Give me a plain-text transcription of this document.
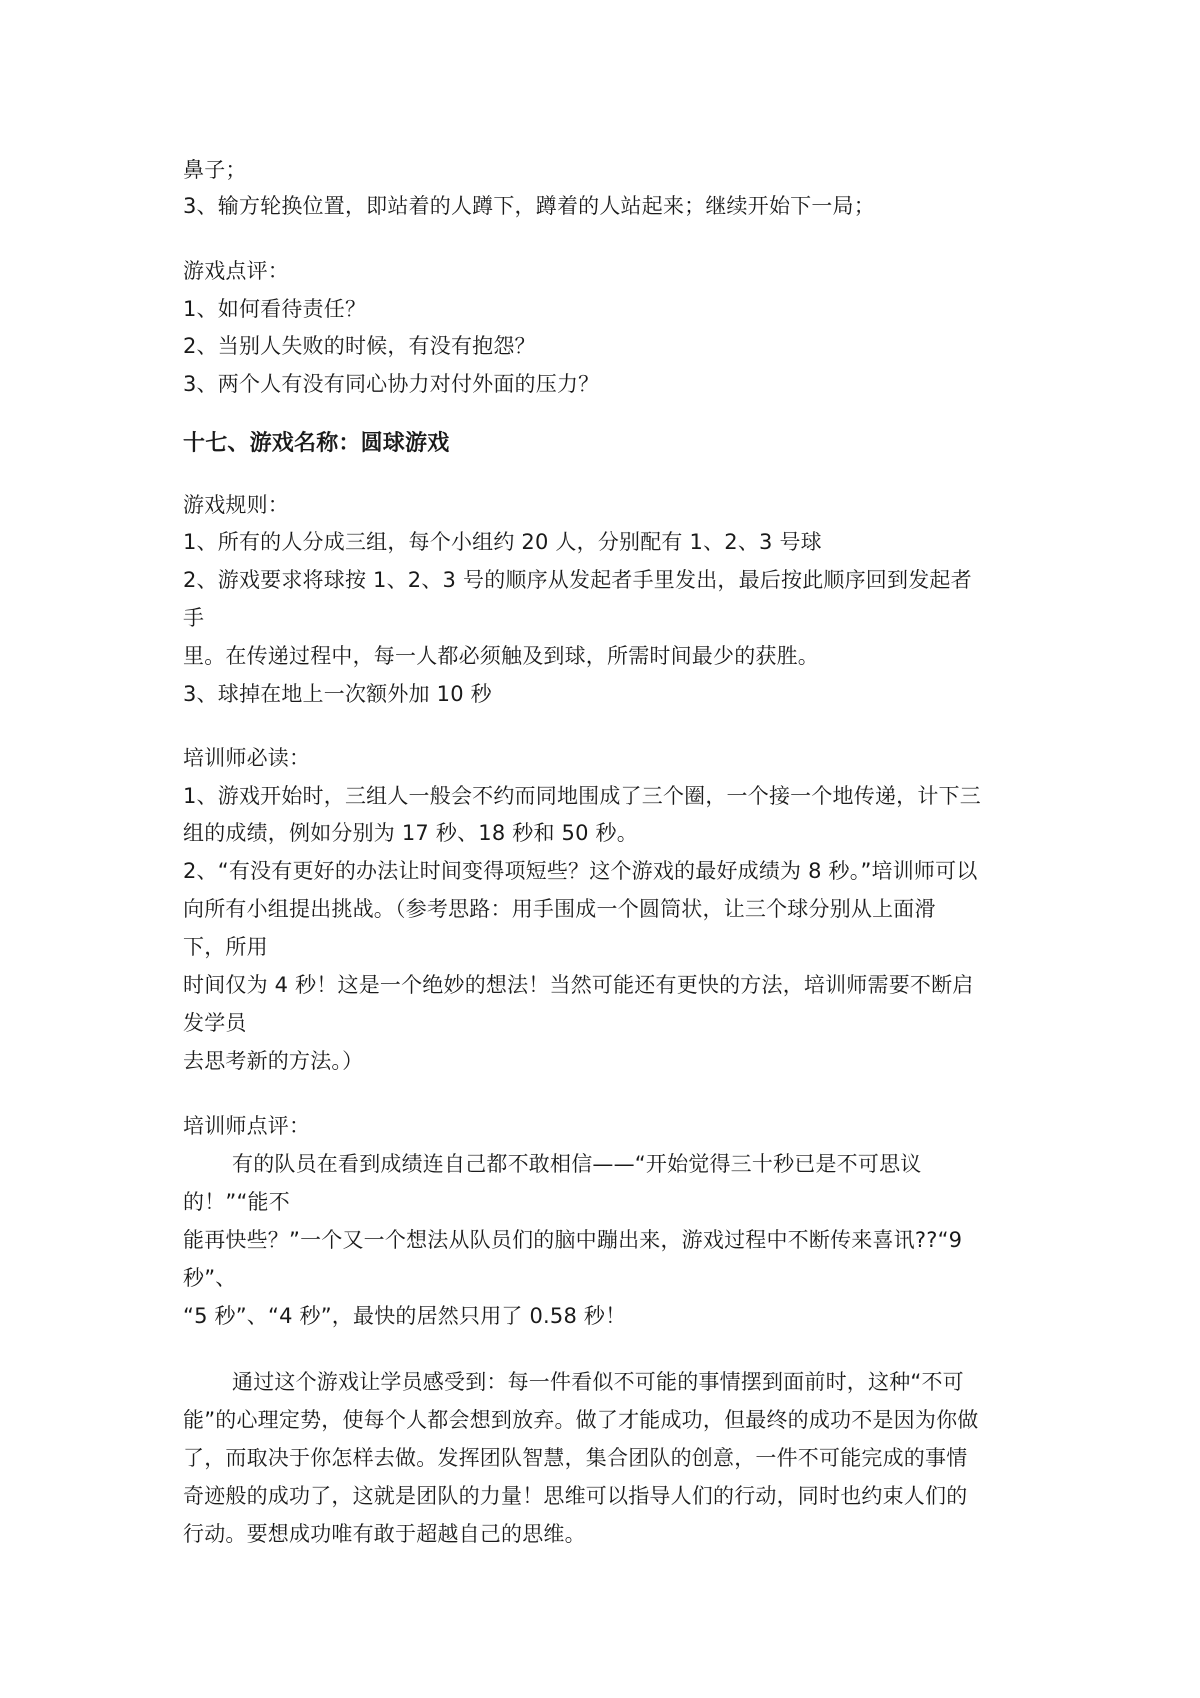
鼻子；
3、输方轮换位置，即站着的人蹲下，蹲着的人站起来；继续开始下一局；
游戏点评：
1、如何看待责任？
2、当别人失败的时候，有没有抱怨？
3、两个人有没有同心协力对付外面的压力？
十七、游戏名称：圆球游戏
游戏规则：
1、所有的人分成三组，每个小组约 20 人，分别配有 1、2、3 号球
2、游戏要求将球按 1、2、3 号的顺序从发起者手里发出，最后按此顺序回到发起者
手
里。在传递过程中，每一人都必须触及到球，所需时间最少的获胜。
3、球掉在地上一次额外加 10 秒
培训师必读：
1、游戏开始时，三组人一般会不约而同地围成了三个圈，一个接一个地传递，计下三
组的成绩，例如分别为 17 秒、18 秒和 50 秒。
2、“有没有更好的办法让时间变得项短些？这个游戏的最好成绩为 8 秒。”培训师可以
向所有小组提出挑战。（参考思路：用手围成一个圆筒状，让三个球分别从上面滑
下，所用
时间仅为 4 秒！这是一个绝妙的想法！当然可能还有更快的方法，培训师需要不断启
发学员
去思考新的方法。）
培训师点评：
有的队员在看到成绩连自己都不敢相信——“开始觉得三十秒已是不可思议
的！”“能不
能再快些？”一个又一个想法从队员们的脑中蹦出来，游戏过程中不断传来喜讯??“9
秒”、
“5 秒”、“4 秒”，最快的居然只用了 0.58 秒！
通过这个游戏让学员感受到：每一件看似不可能的事情摆到面前时，这种“不可
能”的心理定势，使每个人都会想到放弃。做了才能成功，但最终的成功不是因为你做
了，而取决于你怎样去做。发挥团队智慧，集合团队的创意，一件不可能完成的事情
奇迹般的成功了，这就是团队的力量！思维可以指导人们的行动，同时也约束人们的
行动。要想成功唯有敢于超越自己的思维。
